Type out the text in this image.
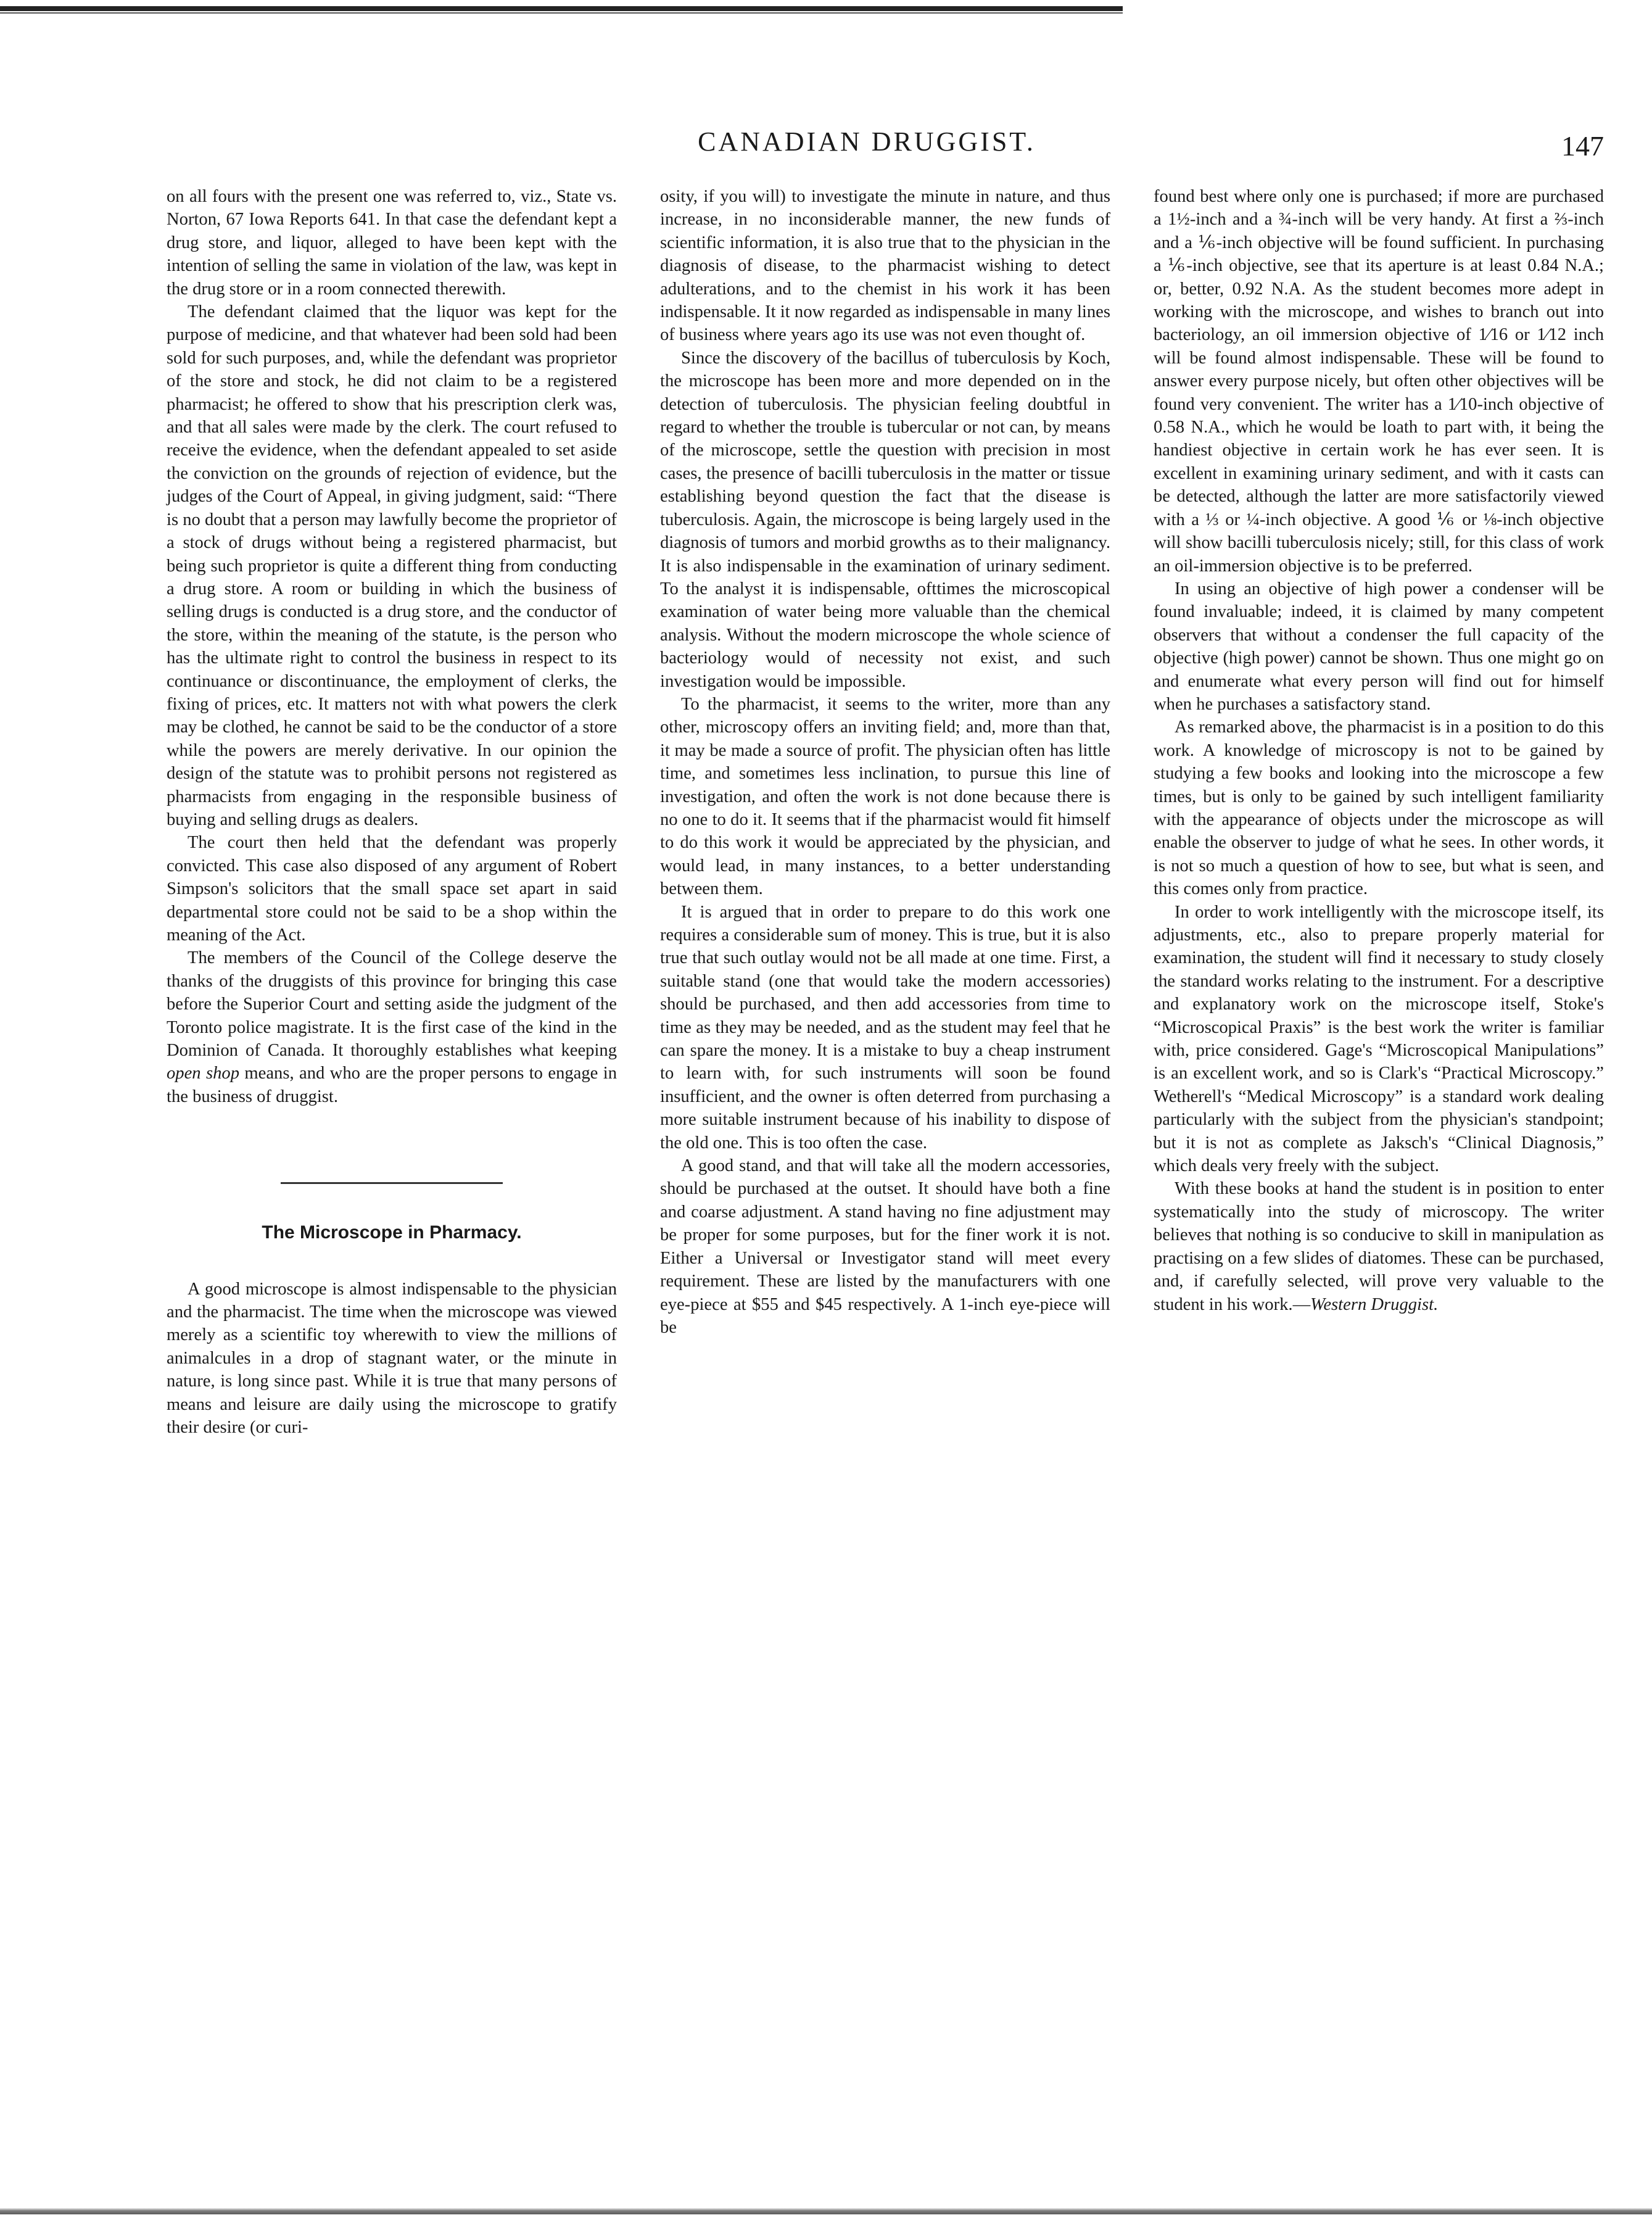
CANADIAN DRUGGIST.	147

on all fours with the present one was referred to, viz., State vs. Norton, 67 Iowa Reports 641. In that case the defendant kept a drug store, and liquor, alleged to have been kept with the intention of selling the same in violation of the law, was kept in the drug store or in a room connected therewith.

The defendant claimed that the liquor was kept for the purpose of medicine, and that whatever had been sold had been sold for such purposes, and, while the defendant was proprietor of the store and stock, he did not claim to be a registered pharmacist; he offered to show that his prescription clerk was, and that all sales were made by the clerk. The court refused to receive the evidence, when the defendant appealed to set aside the conviction on the grounds of rejection of evidence, but the judges of the Court of Appeal, in giving judgment, said: “There is no doubt that a person may lawfully become the proprietor of a stock of drugs without being a registered pharmacist, but being such proprietor is quite a different thing from conducting a drug store. A room or building in which the business of selling drugs is conducted is a drug store, and the conductor of the store, within the meaning of the statute, is the person who has the ultimate right to control the business in respect to its continuance or discontinuance, the employment of clerks, the fixing of prices, etc. It matters not with what powers the clerk may be clothed, he cannot be said to be the conductor of a store while the powers are merely derivative. In our opinion the design of the statute was to prohibit persons not registered as pharmacists from engaging in the responsible business of buying and selling drugs as dealers.

The court then held that the defendant was properly convicted. This case also disposed of any argument of Robert Simpson's solicitors that the small space set apart in said departmental store could not be said to be a shop within the meaning of the Act.

The members of the Council of the College deserve the thanks of the druggists of this province for bringing this case before the Superior Court and setting aside the judgment of the Toronto police magistrate. It is the first case of the kind in the Dominion of Canada. It thoroughly establishes what keeping open shop means, and who are the proper persons to engage in the business of druggist.

The Microscope in Pharmacy.

A good microscope is almost indispensable to the physician and the pharmacist. The time when the microscope was viewed merely as a scientific toy wherewith to view the millions of animalcules in a drop of stagnant water, or the minute in nature, is long since past. While it is true that many persons of means and leisure are daily using the microscope to gratify their desire (or curi-

osity, if you will) to investigate the minute in nature, and thus increase, in no inconsiderable manner, the new funds of scientific information, it is also true that to the physician in the diagnosis of disease, to the pharmacist wishing to detect adulterations, and to the chemist in his work it has been indispensable. It it now regarded as indispensable in many lines of business where years ago its use was not even thought of.

Since the discovery of the bacillus of tuberculosis by Koch, the microscope has been more and more depended on in the detection of tuberculosis. The physician feeling doubtful in regard to whether the trouble is tubercular or not can, by means of the microscope, settle the question with precision in most cases, the presence of bacilli tuberculosis in the matter or tissue establishing beyond question the fact that the disease is tuberculosis. Again, the microscope is being largely used in the diagnosis of tumors and morbid growths as to their malignancy. It is also indispensable in the examination of urinary sediment. To the analyst it is indispensable, ofttimes the microscopical examination of water being more valuable than the chemical analysis. Without the modern microscope the whole science of bacteriology would of necessity not exist, and such investigation would be impossible.

To the pharmacist, it seems to the writer, more than any other, microscopy offers an inviting field; and, more than that, it may be made a source of profit. The physician often has little time, and sometimes less inclination, to pursue this line of investigation, and often the work is not done because there is no one to do it. It seems that if the pharmacist would fit himself to do this work it would be appreciated by the physician, and would lead, in many instances, to a better understanding between them.

It is argued that in order to prepare to do this work one requires a considerable sum of money. This is true, but it is also true that such outlay would not be all made at one time. First, a suitable stand (one that would take the modern accessories) should be purchased, and then add accessories from time to time as they may be needed, and as the student may feel that he can spare the money. It is a mistake to buy a cheap instrument to learn with, for such instruments will soon be found insufficient, and the owner is often deterred from purchasing a more suitable instrument because of his inability to dispose of the old one. This is too often the case.

A good stand, and that will take all the modern accessories, should be purchased at the outset. It should have both a fine and coarse adjustment. A stand having no fine adjustment may be proper for some purposes, but for the finer work it is not. Either a Universal or Investigator stand will meet every requirement. These are listed by the manufacturers with one eye-piece at $55 and $45 respectively. A 1-inch eye-piece will be

found best where only one is purchased; if more are purchased a 1½-inch and a ¾-inch will be very handy. At first a ⅔-inch and a ⅙-inch objective will be found sufficient. In purchasing a ⅙-inch objective, see that its aperture is at least 0.84 N.A.; or, better, 0.92 N.A. As the student becomes more adept in working with the microscope, and wishes to branch out into bacteriology, an oil immersion objective of 1⁄16 or 1⁄12 inch will be found almost indispensable. These will be found to answer every purpose nicely, but often other objectives will be found very convenient. The writer has a 1⁄10-inch objective of 0.58 N.A., which he would be loath to part with, it being the handiest objective in certain work he has ever seen. It is excellent in examining urinary sediment, and with it casts can be detected, although the latter are more satisfactorily viewed with a ⅓ or ¼-inch objective. A good ⅙ or ⅛-inch objective will show bacilli tuberculosis nicely; still, for this class of work an oil-immersion objective is to be preferred.

In using an objective of high power a condenser will be found invaluable; indeed, it is claimed by many competent observers that without a condenser the full capacity of the objective (high power) cannot be shown. Thus one might go on and enumerate what every person will find out for himself when he purchases a satisfactory stand.

As remarked above, the pharmacist is in a position to do this work. A knowledge of microscopy is not to be gained by studying a few books and looking into the microscope a few times, but is only to be gained by such intelligent familiarity with the appearance of objects under the microscope as will enable the observer to judge of what he sees. In other words, it is not so much a question of how to see, but what is seen, and this comes only from practice.

In order to work intelligently with the microscope itself, its adjustments, etc., also to prepare properly material for examination, the student will find it necessary to study closely the standard works relating to the instrument. For a descriptive and explanatory work on the microscope itself, Stoke's “Microscopical Praxis” is the best work the writer is familiar with, price considered. Gage's “Microscopical Manipulations” is an excellent work, and so is Clark's “Practical Microscopy.” Wetherell's “Medical Microscopy” is a standard work dealing particularly with the subject from the physician's standpoint; but it is not as complete as Jaksch's “Clinical Diagnosis,” which deals very freely with the subject.

With these books at hand the student is in position to enter systematically into the study of microscopy. The writer believes that nothing is so conducive to skill in manipulation as practising on a few slides of diatomes. These can be purchased, and, if carefully selected, will prove very valuable to the student in his work.—Western Druggist.
